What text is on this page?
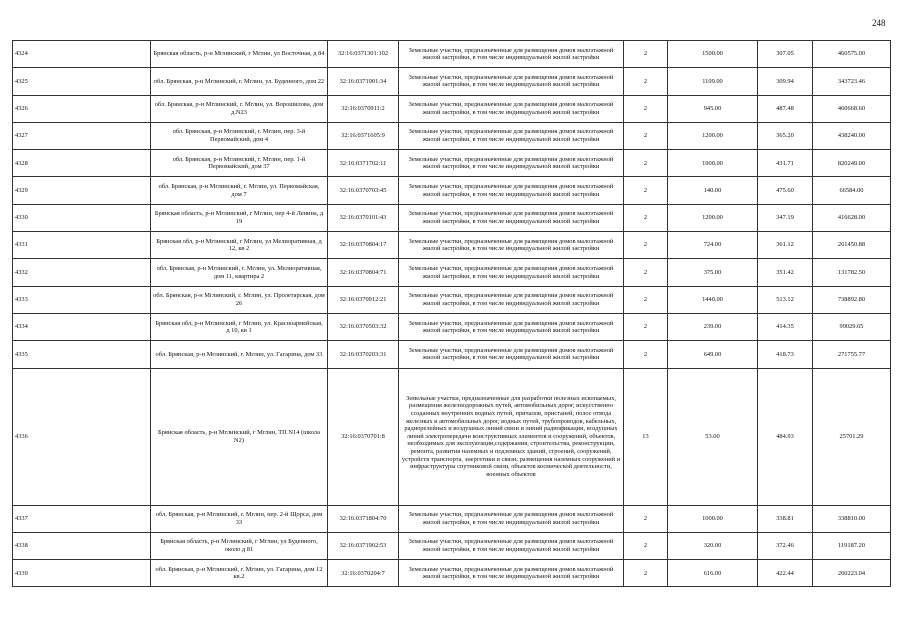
248
4324	Брянская область, р-н Мглинский, г Мглин, ул Восточная, д 84	32:16:0371301:102	Земельные участки, предназначенные для размещения домов малоэтажной жилой застройки, в том числе индивидуальной жилой застройки	2	1500.00	307.05	460575.00
4325	обл. Брянская, р-н Мглинский, г. Мглин, ул. Буденного, дом 22	32:16:0371901:34	Земельные участки, предназначенные для размещения домов малоэтажной жилой застройки, в том числе индивидуальной жилой застройки	2	1109.00	309.94	343723.46
4326	обл. Брянская, р-н Мглинский, г. Мглин, ул. Ворошилова, дом д.N23	32:16:0370911:2	Земельные участки, предназначенные для размещения домов малоэтажной жилой застройки, в том числе индивидуальной жилой застройки	2	945.00	487.48	460668.60
4327	обл. Брянская, р-н Мглинский, г. Мглин, пер. 3-й Первомайский, дом 4	32:16:0371605:9	Земельные участки, предназначенные для размещения домов малоэтажной жилой застройки, в том числе индивидуальной жилой застройки	2	1200.00	365.20	438240.00
4328	обл. Брянская, р-н Мглинский, г. Мглин, пер. 1-й Первомайский, дом 37	32:16:0371702:11	Земельные участки, предназначенные для размещения домов малоэтажной жилой застройки, в том числе индивидуальной жилой застройки	2	1900.00	431.71	820249.00
4329	обл. Брянская, р-н Мглинский, г. Мглин, ул. Первомайская, дом 7	32:16:0370703:45	Земельные участки, предназначенные для размещения домов малоэтажной жилой застройки, в том числе индивидуальной жилой застройки	2	140.00	475.60	66584.00
4330	Брянская область, р-н Мглинский, г Мглин, пер 4-й Ленина, д 19	32:16:0370101:43	Земельные участки, предназначенные для размещения домов малоэтажной жилой застройки, в том числе индивидуальной жилой застройки	2	1200.00	347.19	416628.00
4331	Брянская обл, р-н Мглинский, г Мглин, ул Мелиоративная, д 12, кв 2	32:16:0370804:17	Земельные участки, предназначенные для размещения домов малоэтажной жилой застройки, в том числе индивидуальной жилой застройки	2	724.00	361.12	261450.88
4332	обл. Брянская, р-н Мглинский, г. Мглин, ул. Мелиоративная, дом 11, квартира 2	32:16:0370804:71	Земельные участки, предназначенные для размещения домов малоэтажной жилой застройки, в том числе индивидуальной жилой застройки	2	375.00	351.42	131782.50
4333	обл. Брянская, р-н Мглинский, г. Мглин, ул. Пролетарская, дом 26	32:16:0370912:21	Земельные участки, предназначенные для размещения домов малоэтажной жилой застройки, в том числе индивидуальной жилой застройки	2	1440.00	513.12	738892.80
4334	Брянская обл, р-н Мглинский, г Мглин, ул. Красноармейская, д 10, кв 1	32:16:0370503:32	Земельные участки, предназначенные для размещения домов малоэтажной жилой застройки, в том числе индивидуальной жилой застройки	2	239.00	414.35	99029.65
4335	обл. Брянская, р-н Мглинский, г. Мглин, ул. Гагарина, дом 33	32:16:0370203:31	Земельные участки, предназначенные для размещения домов малоэтажной жилой застройки, в том числе индивидуальной жилой застройки	2	649.00	418.73	271755.77
4336	Брянская область, р-н Мглинский, г Мглин, ТП N14 (школа N2)	32:16:0370701:8	Земельные участки, предназначенные для разработки полезных ископаемых, размещения железнодорожных путей, автомобильных дорог, искусственно созданных внутренних водных путей, причалов, пристаней, полос отвода железных и автомобильных дорог, водных путей, трубопроводов, кабельных, радиорелейных и воздушных линий связи и линий радиофикации, воздушных линий электропередачи конструктивных элементов и сооружений, объектов, необходимых для эксплуатации,содержания, строительства, реконструкции, ремонта, развития наземных и подземных зданий, строений, сооружений, устройств транспорта, энергетики и связи; размещения наземных сооружений и инфраструктуры спутниковой связи, объектов космической деятельности, военных объектов	13	53.00	484.93	25701.29
4337	обл. Брянская, р-н Мглинский, г. Мглин, пер. 2-й Щорса, дом 33	32:16:0371804:70	Земельные участки, предназначенные для размещения домов малоэтажной жилой застройки, в том числе индивидуальной жилой застройки	2	1000.00	338.81	338810.00
4338	Брянская область, р-н Мглинский, г Мглин, ул Буденного, около д 81	32:16:0371902:53	Земельные участки, предназначенные для размещения домов малоэтажной жилой застройки, в том числе индивидуальной жилой застройки	2	320.00	372.46	119187.20
4339	обл. Брянская, р-н Мглинский, г. Мглин, ул. Гагарина, дом 12 кв.2	32:16:0370204:7	Земельные участки, предназначенные для размещения домов малоэтажной жилой застройки, в том числе индивидуальной жилой застройки	2	616.00	422.44	260223.04
